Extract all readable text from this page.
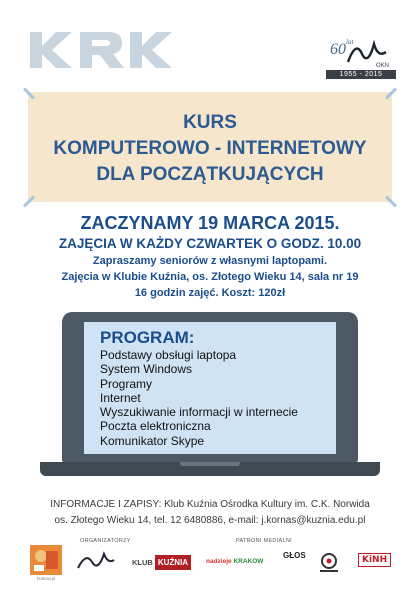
60 lat
OKN
1955 - 2015
KURS
KOMPUTEROWO - INTERNETOWY
DLA POCZĄTKUJĄCYCH
ZACZYNAMY 19 MARCA 2015.
ZAJĘCIA W KAŻDY CZWARTEK O GODZ. 10.00
Zapraszamy seniorów z własnymi laptopami.
Zajęcia w Klubie Kuźnia, os. Złotego Wieku 14, sala nr 19
16 godzin zajęć. Koszt: 120zł
PROGRAM:
Podstawy obsługi laptopa
System Windows
Programy
Internet
Wyszukiwanie informacji w internecie
Poczta elektroniczna
Komunikator Skype
INFORMACJE I ZAPISY: Klub Kuźnia Ośrodka Kultury im. C.K. Norwida
os. Złotego Wieku 14, tel. 12 6480886, e-mail: j.kornas@kuznia.edu.pl
ORGANIZATORZY	PATRONI MEDIALNI
krakow.pl
KLUB KUŹNIA	nadzieje KRAKOW
GŁOS	KiNH
